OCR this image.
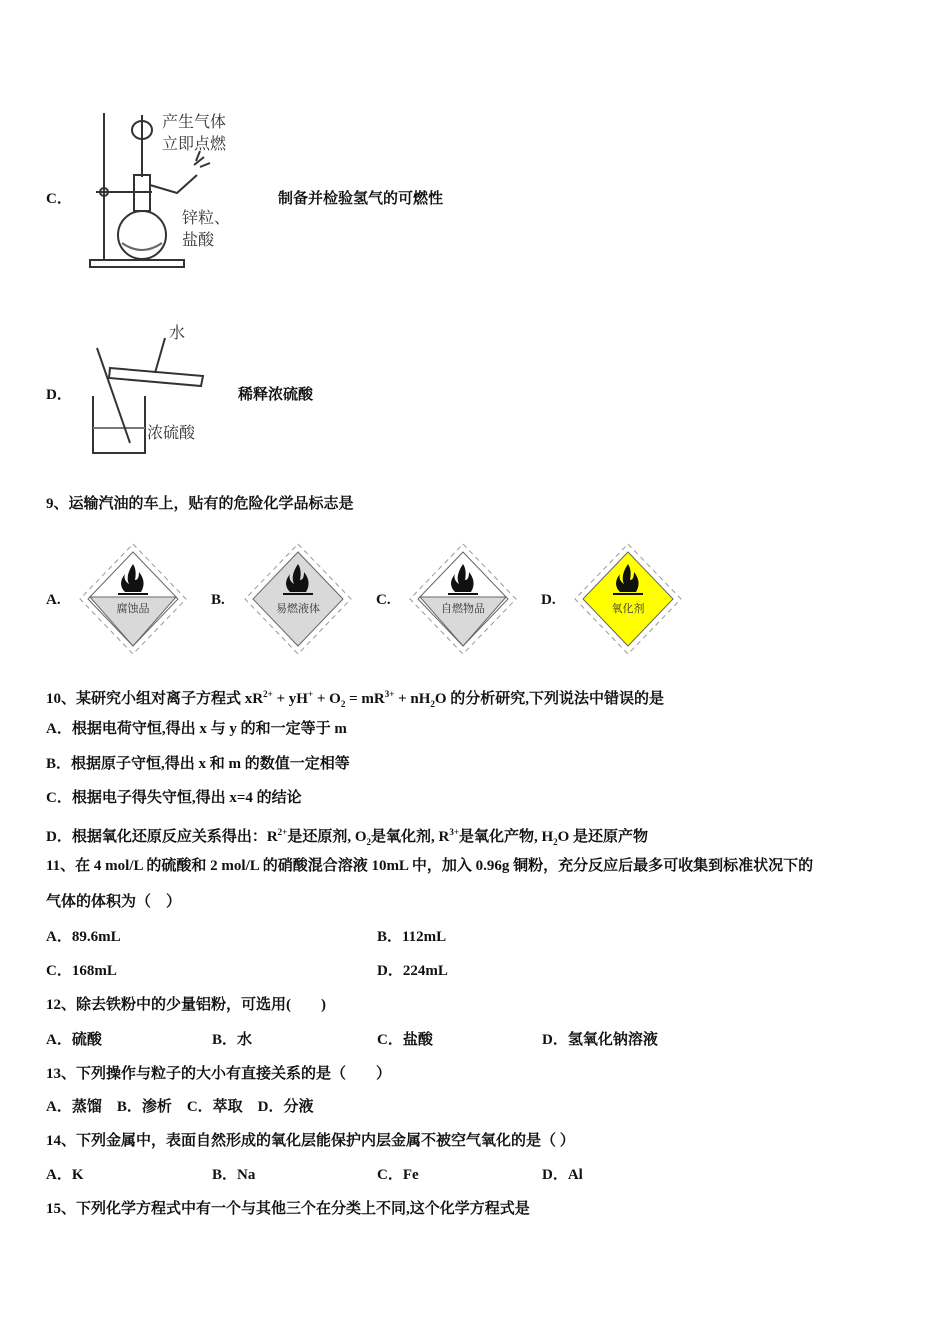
C．
产生气体
立即点燃
锌粒、
盐酸
制备并检验氢气的可燃性
D．
水
浓硫酸
稀释浓硫酸
9、运输汽油的车上，贴有的危险化学品标志是
A.
腐蚀品
B.
易燃液体
C.
自燃物品
D.
氧化剂
10、某研究小组对离子方程式 $xR^{2+} + yH^+ + O_2 = mR^{3+} + nH_2O$ 的分析研究,下列说法中错误的是
A．根据电荷守恒,得出 x 与 y 的和一定等于 m
B．根据原子守恒,得出 x 和 m 的数值一定相等
C．根据电子得失守恒,得出 x=4 的结论
D．根据氧化还原反应关系得出：$R^{2+}$是还原剂, $O_2$是氧化剂, $R^{3+}$是氧化产物, $H_2O$ 是还原产物
11、在 4 mol/L 的硫酸和 2 mol/L 的硝酸混合溶液 10mL 中，加入 0.96g 铜粉，充分反应后最多可收集到标准状况下的
气体的体积为（　）
A．89.6mL	B．112mL
C．168mL	D．224mL
12、除去铁粉中的少量铝粉，可选用(　　)
A．硫酸	B．水	C．盐酸	D．氢氧化钠溶液
13、下列操作与粒子的大小有直接关系的是（　　）
A．蒸馏　B．渗析　C．萃取　D．分液
14、下列金属中，表面自然形成的氧化层能保护内层金属不被空气氧化的是（ ）
A．K	B．Na	C．Fe	D．Al
15、下列化学方程式中有一个与其他三个在分类上不同,这个化学方程式是
